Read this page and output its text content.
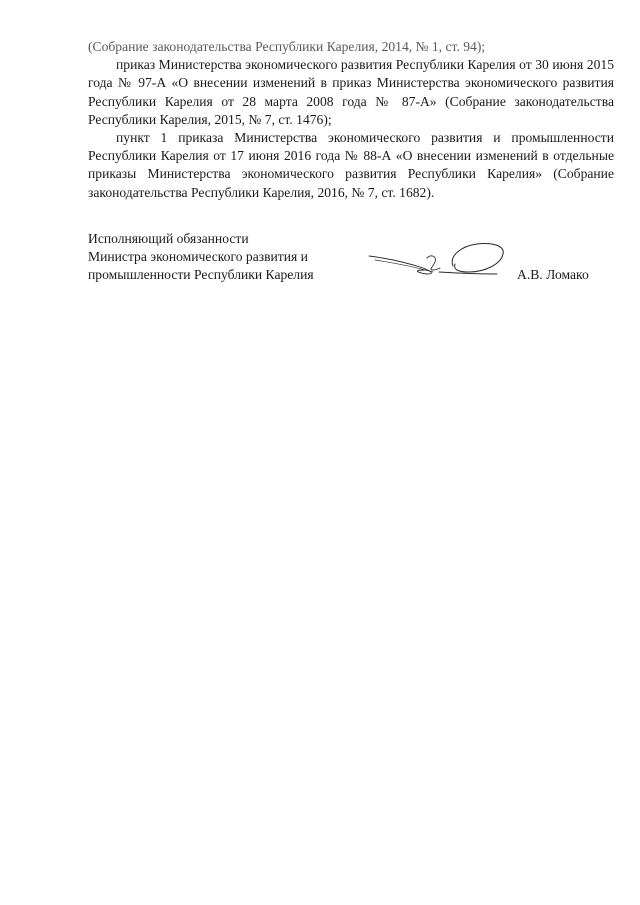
(Собрание законодательства Республики Карелия, 2014, № 1, ст. 94);

приказ Министерства экономического развития Республики Карелия от 30 июня 2015 года № 97-А «О внесении изменений в приказ Министерства экономического развития Республики Карелия от 28 марта 2008 года № 87-А» (Собрание законодательства Республики Карелия, 2015, № 7, ст. 1476);

пункт 1 приказа Министерства экономического развития и промышленности Республики Карелия от 17 июня 2016 года № 88-А «О внесении изменений в отдельные приказы Министерства экономического развития Республики Карелия» (Собрание законодательства Республики Карелия, 2016, № 7, ст. 1682).

Исполняющий обязанности

Министра экономического развития и

промышленности Республики Карелия	А.В. Ломако
